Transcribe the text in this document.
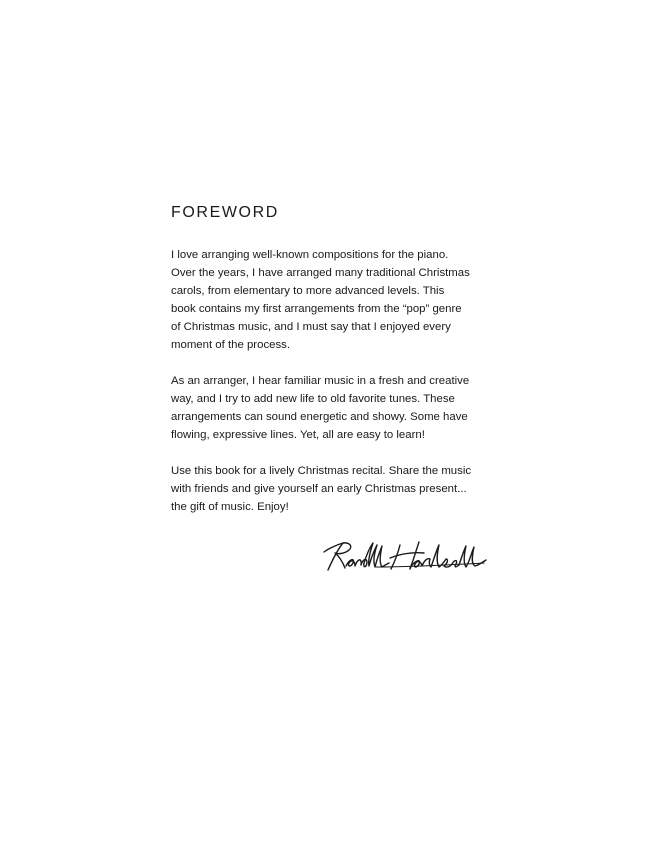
FOREWORD

I love arranging well-known compositions for the piano.
Over the years, I have arranged many traditional Christmas
carols, from elementary to more advanced levels. This
book contains my first arrangements from the “pop” genre
of Christmas music, and I must say that I enjoyed every
moment of the process.

As an arranger, I hear familiar music in a fresh and creative
way, and I try to add new life to old favorite tunes. These
arrangements can sound energetic and showy. Some have
flowing, expressive lines. Yet, all are easy to learn!

Use this book for a lively Christmas recital. Share the music
with friends and give yourself an early Christmas present...
the gift of music. Enjoy!
